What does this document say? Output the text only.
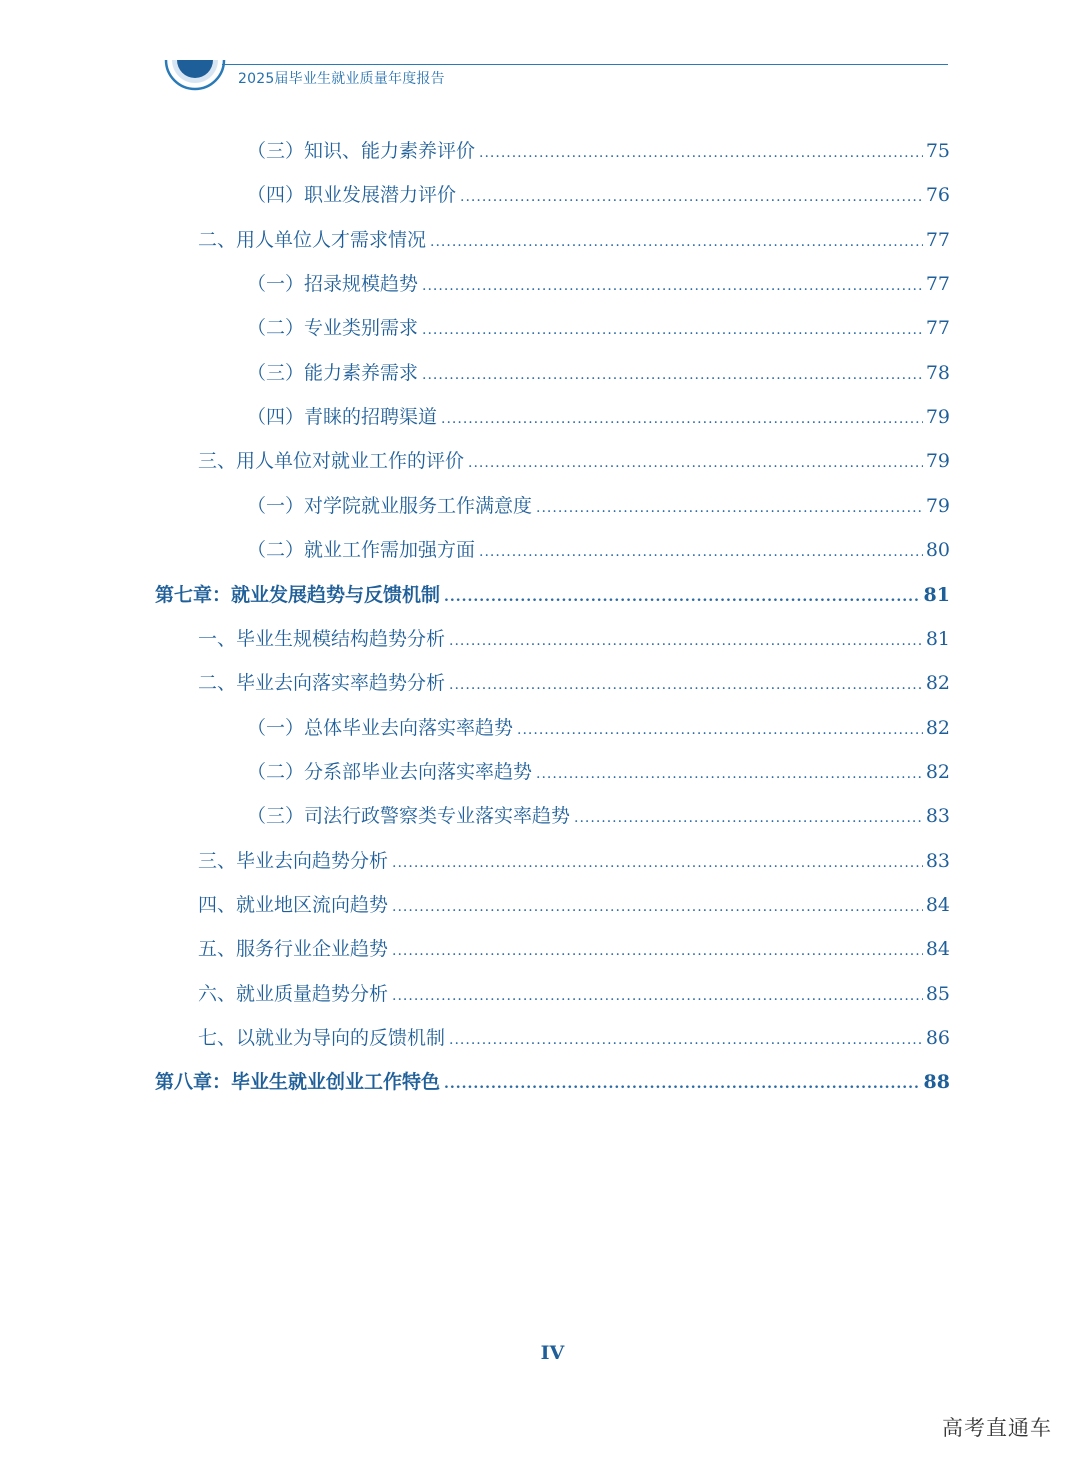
2025届毕业生就业质量年度报告
（三）知识、能力素养评价 .....	75
（四）职业发展潜力评价 .....	76
二、用人单位人才需求情况 .....	77
（一）招录规模趋势 .....	77
（二）专业类别需求 .....	77
（三）能力素养需求 .....	78
（四）青睐的招聘渠道 .....	79
三、用人单位对就业工作的评价 .....	79
（一）对学院就业服务工作满意度 .....	79
（二）就业工作需加强方面 .....	80
第七章：就业发展趋势与反馈机制 .....	81
一、毕业生规模结构趋势分析 .....	81
二、毕业去向落实率趋势分析 .....	82
（一）总体毕业去向落实率趋势 .....	82
（二）分系部毕业去向落实率趋势 .....	82
（三）司法行政警察类专业落实率趋势 .....	83
三、毕业去向趋势分析 .....	83
四、就业地区流向趋势 .....	84
五、服务行业企业趋势 .....	84
六、就业质量趋势分析 .....	85
七、以就业为导向的反馈机制 .....	86
第八章：毕业生就业创业工作特色 .....	88
IV
高考直通车
